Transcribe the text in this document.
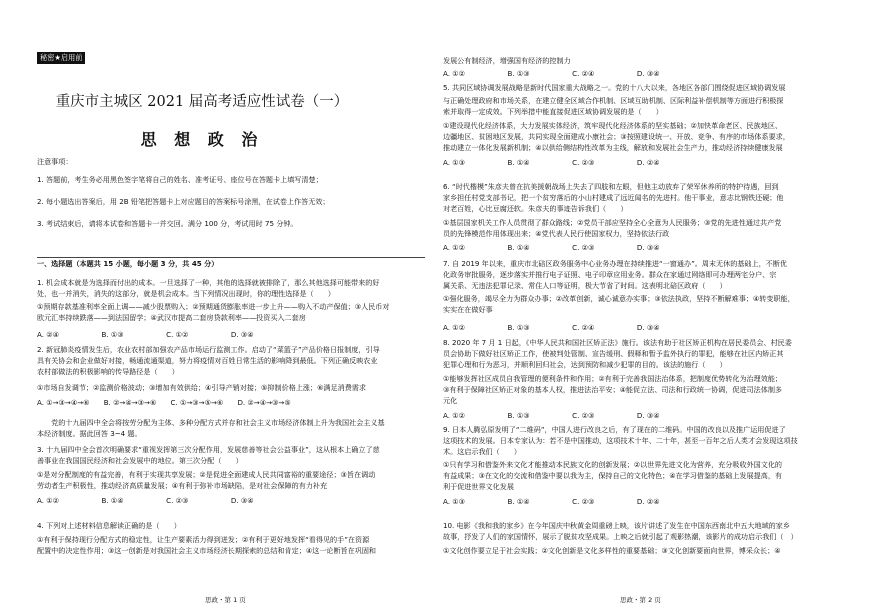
秘密★启用前
重庆市主城区 2021 届高考适应性试卷（一）
思 想 政 治
注意事项：
1. 答题前，考生务必用黑色签字笔将自己的姓名、准考证号、座位号在答题卡上填写清楚；
2. 每小题选出答案后，用 2B 铅笔把答题卡上对应题目的答案标号涂黑，在试卷上作答无效；
3. 考试结束后，请将本试卷和答题卡一并交回。满分 100 分，考试用时 75 分钟。
一、选择题（本题共 15 小题，每小题 3 分，共 45 分）
1. 机会成本就是为选择而付出的成本。一旦选择了一种，其他的选择就被排除了，那么其他选择可能带来的好
处，也一并消失，消失的这部分，就是机会成本。当下列情况出现时，你的理性选择是（　　）
①预期存款基准利率全面上调——减少股票购入；②预期通货膨胀率进一步上升——购入不动产保值；③人民币对
欧元汇率持续跌落——到法国留学；④武汉市提高二套房贷款利率——投资买入二套房
A. ②④　　　　　　B. ①③　　　　　　C. ①②　　　　　　D. ③④
2. 新冠肺炎疫情发生后，农业农村部加强农产品市场运行监测工作。启动了“菜篮子”产品价格日报制度，引导
具有关协会和企业做好对接，畅通流通渠道，努力将疫情对百姓日常生活的影响降到最低。下列正确反映农业
农村部做法的积极影响的传导路径是（　　）
①市场自发调节；②监测价格波动；③增加有效供给；④引导产销对接；⑤抑制价格上涨；⑥满足消费需求
A. ①→③→④→⑥　　B. ②→④→③→⑥　　C. ①→③→⑤→⑥　　D. ②→④→③→⑤
　　党的十九届四中全会将按劳分配为主体、多种分配方式并存和社会主义市场经济体制上升为我国社会主义基
本经济制度。据此回答 3~4 题。
3. 十九届四中全会首次明确要求“重视发挥第三次分配作用，发展慈善等社会公益事业”，这从根本上确立了慈
善事业在我国国民经济和社会发展中的地位。第三次分配（　　）
①是对分配制度的有益完善，有利于实现共享发展；②是促进全面建成人民共同富裕的重要途径；③旨在调动
劳动者生产积极性，推动经济高质量发展；④有利于弥补市场缺陷，是对社会保障的有力补充
A. ①②　　　　　　B. ①④　　　　　　C. ②③　　　　　　D. ③④
4. 下列对上述材料信息解读正确的是（　　）
①有利于保持现行分配方式的稳定性，让生产要素活力得到迸发；②有利于更好地发挥“看得见的手”在资源
配置中的决定性作用；③这一创新是对我国社会主义市场经济长期探索的总结和肯定；④这一论断旨在巩固和
发展公有制经济，增强国有经济的控制力
A. ①②　　　　　　B. ①③　　　　　　C. ②④　　　　　　D. ③④
5. 共同区域协调发展战略是新时代国家重大战略之一。党的十八大以来，各地区各部门围绕促进区域协调发展
与正确处理政府和市场关系，在建立健全区域合作机制、区域互助机制、区际利益补偿机制等方面进行积极探
索并取得一定成效。下列举措中能直接促进区域协调发展的是（　　）
①建设现代化经济体系，大力发展实体经济，筑牢现代化经济体系的坚实基础；②加快革命老区、民族地区、
边疆地区、贫困地区发展，共同实现全面建成小康社会；③按照建设统一、开放、竞争、有序的市场体系要求，
推动建立一体化发展新机制；④以供给侧结构性改革为主线，解放和发展社会生产力，推动经济持续健康发展
A. ①③　　　　　　B. ①④　　　　　　C. ②③　　　　　　D. ②④
6. “时代楷模”朱彦夫曾在抗美援朝战场上失去了四肢和左眼，但他主动放弃了荣军休养所的特护待遇，回到
家乡担任村党支部书记，把一个贫穷落后的小山村建成了远近闻名的先进村。他干事业，意志比钢铁还硬；他
对老百姓，心比豆腐还软。朱彦夫的事迹告诉我们（　　）
①基层国家机关工作人员贯彻了群众路线；②党员干部应坚持全心全意为人民服务；③党的先进性通过共产党
员的先锋模范作用体现出来；④党代表人民行使国家权力，坚持依法行政
A. ①②　　　　　　B. ①④　　　　　　C. ②③　　　　　　D. ③④
7. 自 2019 年以来，重庆市北碚区政务服务中心业务办理在持续推进“一窗通办”。周末无休的基础上，不断优
化政务审批服务，逐步落实并推行电子证照、电子印章应用业务。群众在家通过网络即可办理两宅分户、宗
属关系、无违法犯罪记录、常住人口等证明，极大节省了时间。这表明北碚区政府（　　）
①强化服务，竭尽全力为群众办事；②改革创新，诚心诚意办实事；③依法执政，坚持不断解难事；④转变职能，
实实在在做好事
A. ①②　　　　　　B. ①③　　　　　　C. ②④　　　　　　D. ③④
8. 2020 年 7 月 1 日起，《中华人民共和国社区矫正法》施行。该法有助于社区矫正机构在居民委员会、村民委
员会协助下做好社区矫正工作，使被判处管制、宣告缓刑、假释和暂予监外执行的罪犯，能够在社区内矫正其
犯罪心理和行为恶习，并顺利回归社会，达到预防和减少犯罪的目的。该法的施行（　　）
①能够发挥社区成员自我管理的便利条件和作用；②有利于完善我国法治体系，把制度优势转化为治理效能；
③有利于保障社区矫正对象的基本人权，推进法治平安；④能促立法、司法和行政统一协调，促进司法体制多
元化
A. ①②　　　　　　B. ①③　　　　　　C. ②③　　　　　　D. ③④
9. 日本人腾弘原发明了“二维码”，中国人进行改良之后，有了现在的二维码。中国的改良以及推广运用促进了
这项技术的发展。日本专家认为：若不是中国推动，这项技术十年、二十年，甚至一百年之后人类才会发现这项技
术。这启示我们（　　）
①只有学习和借鉴外来文化才能推动本民族文化的创新发展；②以世界先进文化为营养，充分吸收外国文化的
有益成果；③在文化的交流和借鉴中要以我为主，保持自己的文化特色；④在学习借鉴的基础上发展提高，有
利于促进世界文化发展
A. ①③　　　　　　B. ①④　　　　　　C. ②③　　　　　　D. ②④
10. 电影《我和我的家乡》在今年国庆中秋黄金周重磅上映，该片讲述了发生在中国东西南北中五大地域的家乡
故事，抒发了人们的家国情怀，展示了脱贫攻坚成果。上映之后就引起了观影热潮，该影片的成功启示我们（　）
①文化创作要立足于社会实践；②文化创新是文化多样性的重要基础；③文化创新要面向世界，博采众长；④
思政・第 1 页	思政・第 2 页
